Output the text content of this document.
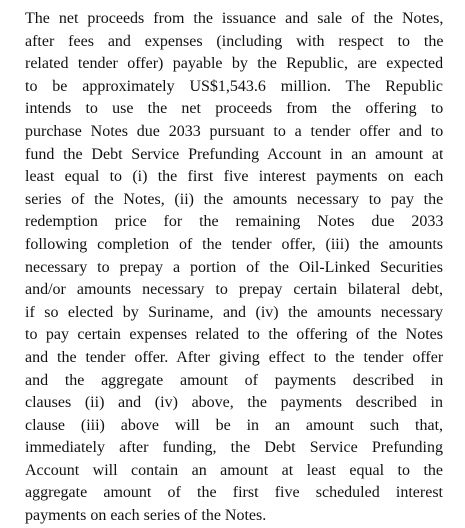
The net proceeds from the issuance and sale of the Notes,
after fees and expenses (including with respect to the
related tender offer) payable by the Republic, are expected
to be approximately US$1,543.6 million. The Republic
intends to use the net proceeds from the offering to
purchase Notes due 2033 pursuant to a tender offer and to
fund the Debt Service Prefunding Account in an amount at
least equal to (i) the first five interest payments on each
series of the Notes, (ii) the amounts necessary to pay the
redemption price for the remaining Notes due 2033
following completion of the tender offer, (iii) the amounts
necessary to prepay a portion of the Oil-Linked Securities
and/or amounts necessary to prepay certain bilateral debt,
if so elected by Suriname, and (iv) the amounts necessary
to pay certain expenses related to the offering of the Notes
and the tender offer. After giving effect to the tender offer
and the aggregate amount of payments described in
clauses (ii) and (iv) above, the payments described in
clause (iii) above will be in an amount such that,
immediately after funding, the Debt Service Prefunding
Account will contain an amount at least equal to the
aggregate amount of the first five scheduled interest
payments on each series of the Notes.
